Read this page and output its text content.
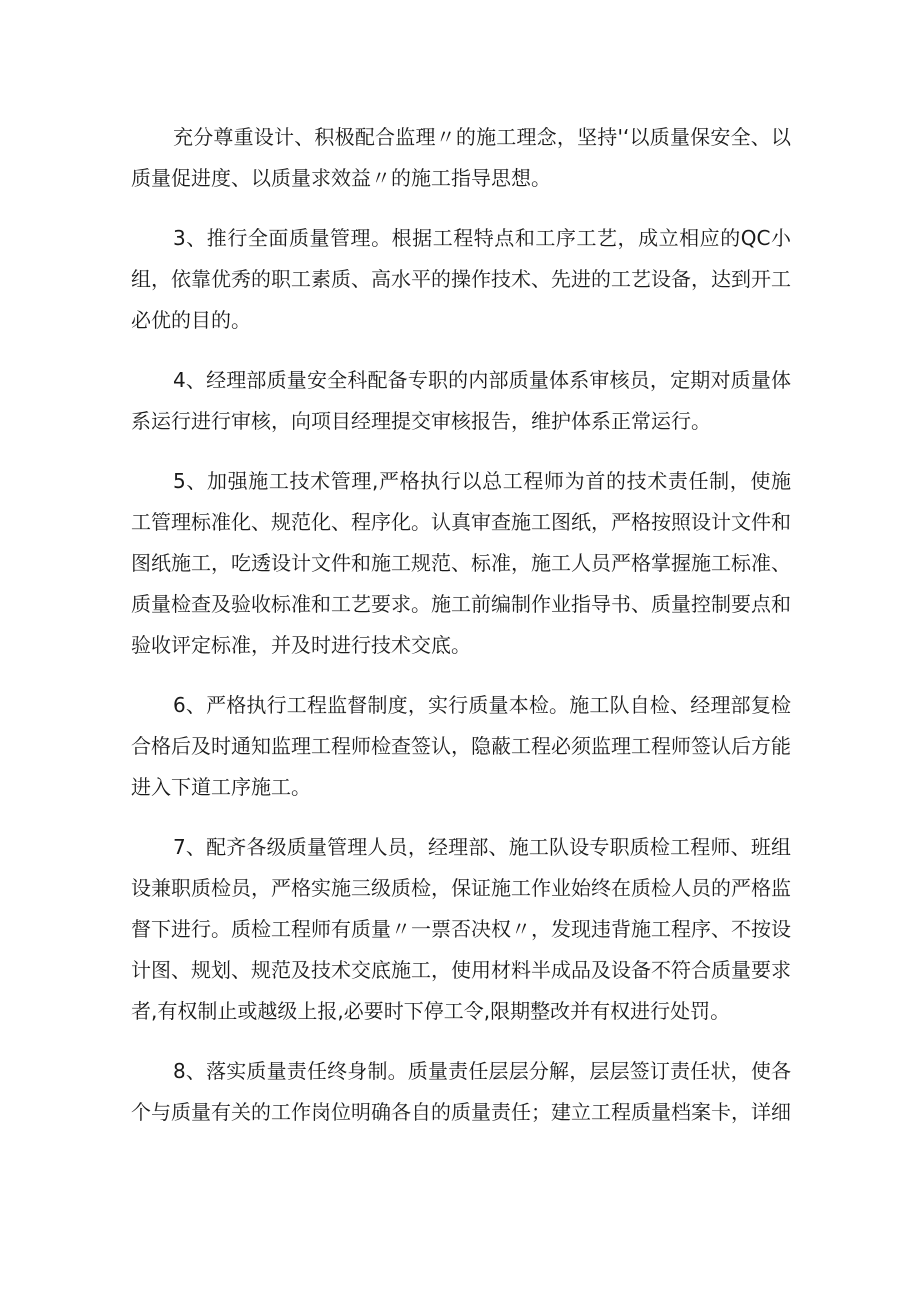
充分尊重设计、积极配合监理〃的施工理念，坚持'‘以质量保安全、以质量促进度、以质量求效益〃的施工指导思想。
3、推行全面质量管理。根据工程特点和工序工艺，成立相应的QC小组，依靠优秀的职工素质、高水平的操作技术、先进的工艺设备，达到开工必优的目的。
4、经理部质量安全科配备专职的内部质量体系审核员，定期对质量体系运行进行审核，向项目经理提交审核报告，维护体系正常运行。
5、加强施工技术管理,严格执行以总工程师为首的技术责任制，使施工管理标准化、规范化、程序化。认真审查施工图纸，严格按照设计文件和图纸施工，吃透设计文件和施工规范、标准，施工人员严格掌握施工标准、质量检查及验收标准和工艺要求。施工前编制作业指导书、质量控制要点和验收评定标准，并及时进行技术交底。
6、严格执行工程监督制度，实行质量本检。施工队自检、经理部复检合格后及时通知监理工程师检查签认，隐蔽工程必须监理工程师签认后方能进入下道工序施工。
7、配齐各级质量管理人员，经理部、施工队设专职质检工程师、班组设兼职质检员，严格实施三级质检，保证施工作业始终在质检人员的严格监督下进行。质检工程师有质量〃一票否决权〃，发现违背施工程序、不按设计图、规划、规范及技术交底施工，使用材料半成品及设备不符合质量要求者,有权制止或越级上报,必要时下停工令,限期整改并有权进行处罚。
8、落实质量责任终身制。质量责任层层分解，层层签订责任状，使各个与质量有关的工作岗位明确各自的质量责任；建立工程质量档案卡，详细
